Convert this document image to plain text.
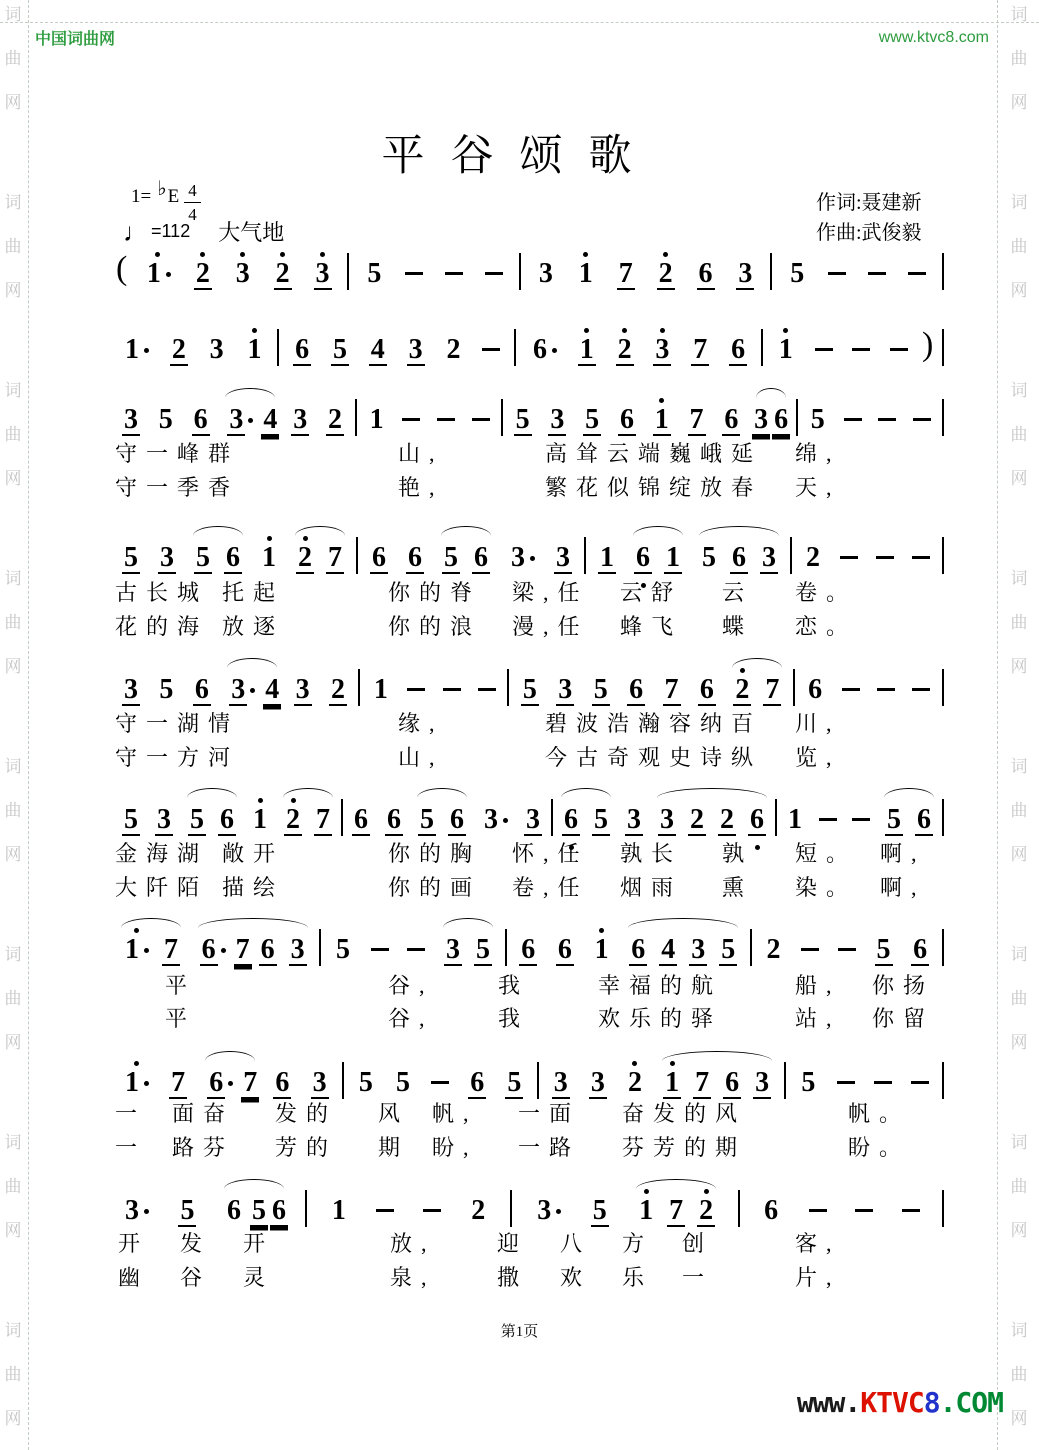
词
曲
网
词
曲
网
词
曲
网
词
曲
网
词
曲
网
词
曲
网
词
曲
网
词
曲
网
词
曲
网
词
曲
网
词
曲
网
词
曲
网
词
曲
网
词
曲
网
词
曲
网
词
曲
网
中国词曲网	www.ktvc8.com
平谷颂歌
1= ♭ E $\frac{4}{4}$
♩ =112 大气地
作词:聂建新
作曲:武俊毅
( 1 2 3 2 3 5	3 1 7 2 6 3 5
1 2 3 1 6 5 4 3 2	6 1 2 3 7 6 1	)
3 5 6 3 4 3 2 1	5 3 5 6 1 7 6 3 6 5
5 3 5 6 1 2 7 6 6 5 6 3 3 1 6 1 5 6 3 2
3 5 6 3 4 3 2 1	5 3 5 6 7 6 2 7 6
5 3 5 6 1 2 7 6 6 5 6 3 3 6 5 3 3 2 2 6 1	5 6
1 7 6 7 6 3 5	3 5 6 6 1 6 4 3 5 2	5 6
1 7 6 7 6 3 5 5 6 5 3 3 2 1 7 6 3 5
3 5 6 5 6 1	2 3 5 1 7 2 6
守一峰群	山,	高耸云端巍峨延 绵,
守一季香	艳,	繁花似锦绽放春 天,
古长城 托起	你的脊 梁,任 云舒 云 卷。
花的海 放逐	你的浪 漫,任 蜂飞 蝶 恋。
守一湖情	缘,	碧波浩瀚容纳百 川,
守一方河	山,	今古奇观史诗纵 览,
金海湖 敞开	你的胸 怀,任 孰长 孰 短。 啊,
大阡陌 描绘	你的画 卷,任 烟雨 熏 染。 啊,
平	谷,	我	幸福的航	船, 你扬
平	谷,	我	欢乐的驿	站, 你留
一 面奋 发的 风 帆, 一面 奋发的风	帆。
一 路芬 芳的 期 盼, 一路 芬芳的期	盼。
开 发 开	放,	迎 八 方 创	客,
幽 谷 灵	泉,	撒 欢 乐 一	片,
第1页
www.KTVC8.COM
